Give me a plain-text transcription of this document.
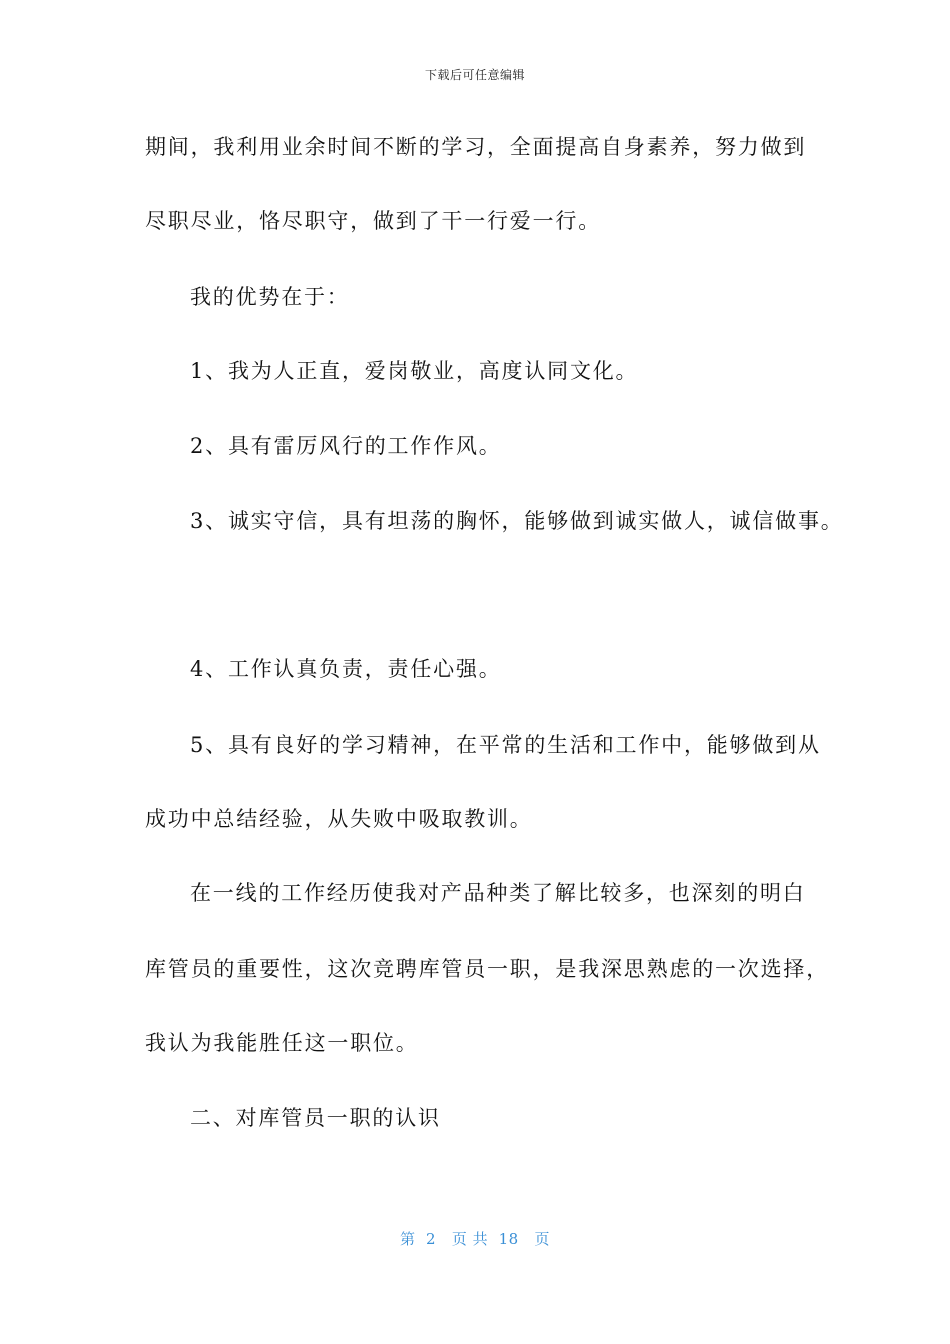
下载后可任意编辑
期间，我利用业余时间不断的学习，全面提高自身素养，努力做到
尽职尽业，恪尽职守，做到了干一行爱一行。
我的优势在于：
1、我为人正直，爱岗敬业，高度认同文化。
2、具有雷厉风行的工作作风。
3、诚实守信，具有坦荡的胸怀，能够做到诚实做人，诚信做事。
4、工作认真负责，责任心强。
5、具有良好的学习精神，在平常的生活和工作中，能够做到从
成功中总结经验，从失败中吸取教训。
在一线的工作经历使我对产品种类了解比较多，也深刻的明白
库管员的重要性，这次竞聘库管员一职，是我深思熟虑的一次选择，
我认为我能胜任这一职位。
二、对库管员一职的认识
第  2   页 共  18   页
